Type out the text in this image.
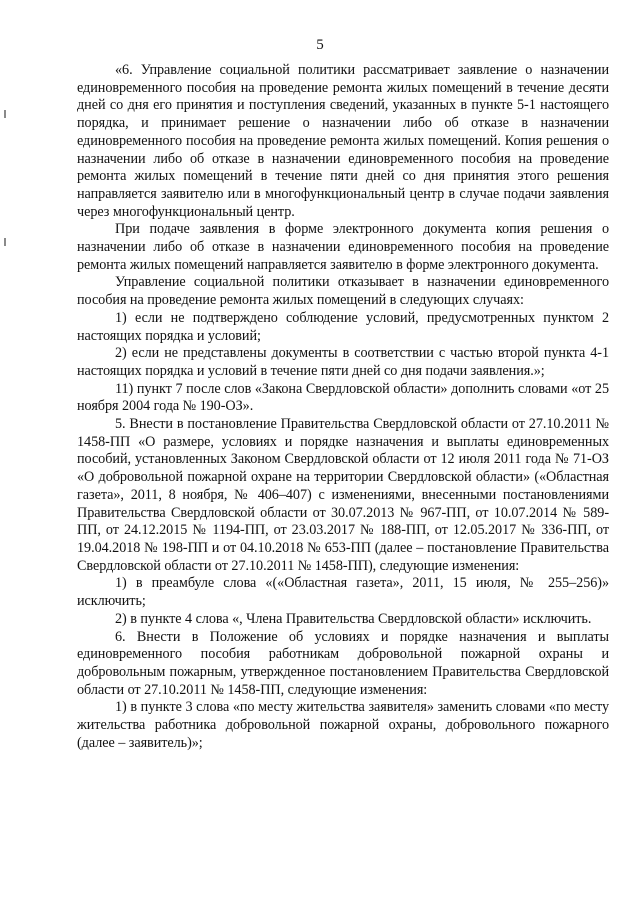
5

«6. Управление социальной политики рассматривает заявление о назначении единовременного пособия на проведение ремонта жилых помещений в течение десяти дней со дня его принятия и поступления сведений, указанных в пункте 5-1 настоящего порядка, и принимает решение о назначении либо об отказе в назначении единовременного пособия на проведение ремонта жилых помещений. Копия решения о назначении либо об отказе в назначении единовременного пособия на проведение ремонта жилых помещений в течение пяти дней со дня принятия этого решения направляется заявителю или в многофункциональный центр в случае подачи заявления через многофункциональный центр.

При подаче заявления в форме электронного документа копия решения о назначении либо об отказе в назначении единовременного пособия на проведение ремонта жилых помещений направляется заявителю в форме электронного документа.

Управление социальной политики отказывает в назначении единовременного пособия на проведение ремонта жилых помещений в следующих случаях:

1) если не подтверждено соблюдение условий, предусмотренных пунктом 2 настоящих порядка и условий;

2) если не представлены документы в соответствии с частью второй пункта 4-1 настоящих порядка и условий в течение пяти дней со дня подачи заявления.»;

11) пункт 7 после слов «Закона Свердловской области» дополнить словами «от 25 ноября 2004 года № 190-ОЗ».

5. Внести в постановление Правительства Свердловской области от 27.10.2011 № 1458-ПП «О размере, условиях и порядке назначения и выплаты единовременных пособий, установленных Законом Свердловской области от 12 июля 2011 года № 71-ОЗ «О добровольной пожарной охране на территории Свердловской области» («Областная газета», 2011, 8 ноября, № 406–407) с изменениями, внесенными постановлениями Правительства Свердловской области от 30.07.2013 № 967-ПП, от 10.07.2014 № 589-ПП, от 24.12.2015 № 1194-ПП, от 23.03.2017 № 188-ПП, от 12.05.2017 № 336-ПП, от 19.04.2018 № 198-ПП и от 04.10.2018 № 653-ПП (далее – постановление Правительства Свердловской области от 27.10.2011 № 1458-ПП), следующие изменения:

1) в преамбуле слова «(«Областная газета», 2011, 15 июля, № 255–256)» исключить;

2) в пункте 4 слова «, Члена Правительства Свердловской области» исключить.

6. Внести в Положение об условиях и порядке назначения и выплаты единовременного пособия работникам добровольной пожарной охраны и добровольным пожарным, утвержденное постановлением Правительства Свердловской области от 27.10.2011 № 1458-ПП, следующие изменения:

1) в пункте 3 слова «по месту жительства заявителя» заменить словами «по месту жительства работника добровольной пожарной охраны, добровольного пожарного (далее – заявитель)»;
